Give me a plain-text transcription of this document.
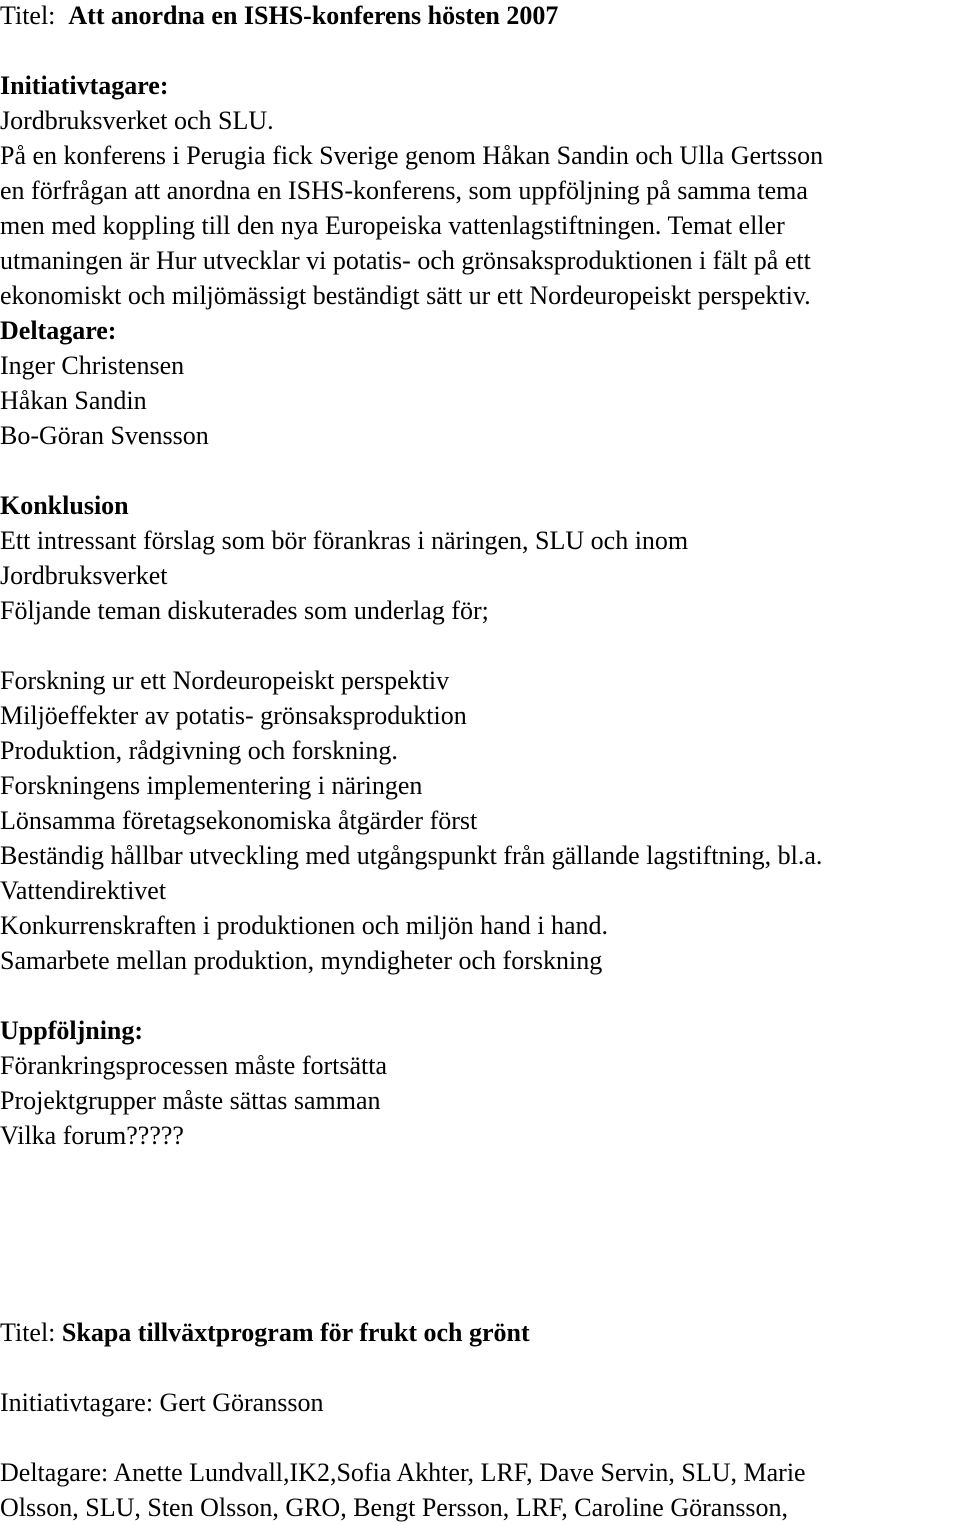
Titel: Att anordna en ISHS-konferens hösten 2007
Initiativtagare:
Jordbruksverket och SLU.
På en konferens i Perugia fick Sverige genom Håkan Sandin och Ulla Gertsson
en förfrågan att anordna en ISHS-konferens, som uppföljning på samma tema
men med koppling till den nya Europeiska vattenlagstiftningen. Temat eller
utmaningen är Hur utvecklar vi potatis- och grönsaksproduktionen i fält på ett
ekonomiskt och miljömässigt beständigt sätt ur ett Nordeuropeiskt perspektiv.
Deltagare:
Inger Christensen
Håkan Sandin
Bo-Göran Svensson
Konklusion
Ett intressant förslag som bör förankras i näringen, SLU och inom
Jordbruksverket
Följande teman diskuterades som underlag för;
Forskning ur ett Nordeuropeiskt perspektiv
Miljöeffekter av potatis- grönsaksproduktion
Produktion, rådgivning och forskning.
Forskningens implementering i näringen
Lönsamma företagsekonomiska åtgärder först
Beständig hållbar utveckling med utgångspunkt från gällande lagstiftning, bl.a.
Vattendirektivet
Konkurrenskraften i produktionen och miljön hand i hand.
Samarbete mellan produktion, myndigheter och forskning
Uppföljning:
Förankringsprocessen måste fortsätta
Projektgrupper måste sättas samman
Vilka forum?????
Titel: Skapa tillväxtprogram för frukt och grönt
Initiativtagare: Gert Göransson
Deltagare: Anette Lundvall,IK2,Sofia Akhter, LRF, Dave Servin, SLU, Marie
Olsson, SLU, Sten Olsson, GRO, Bengt Persson, LRF, Caroline Göransson,
